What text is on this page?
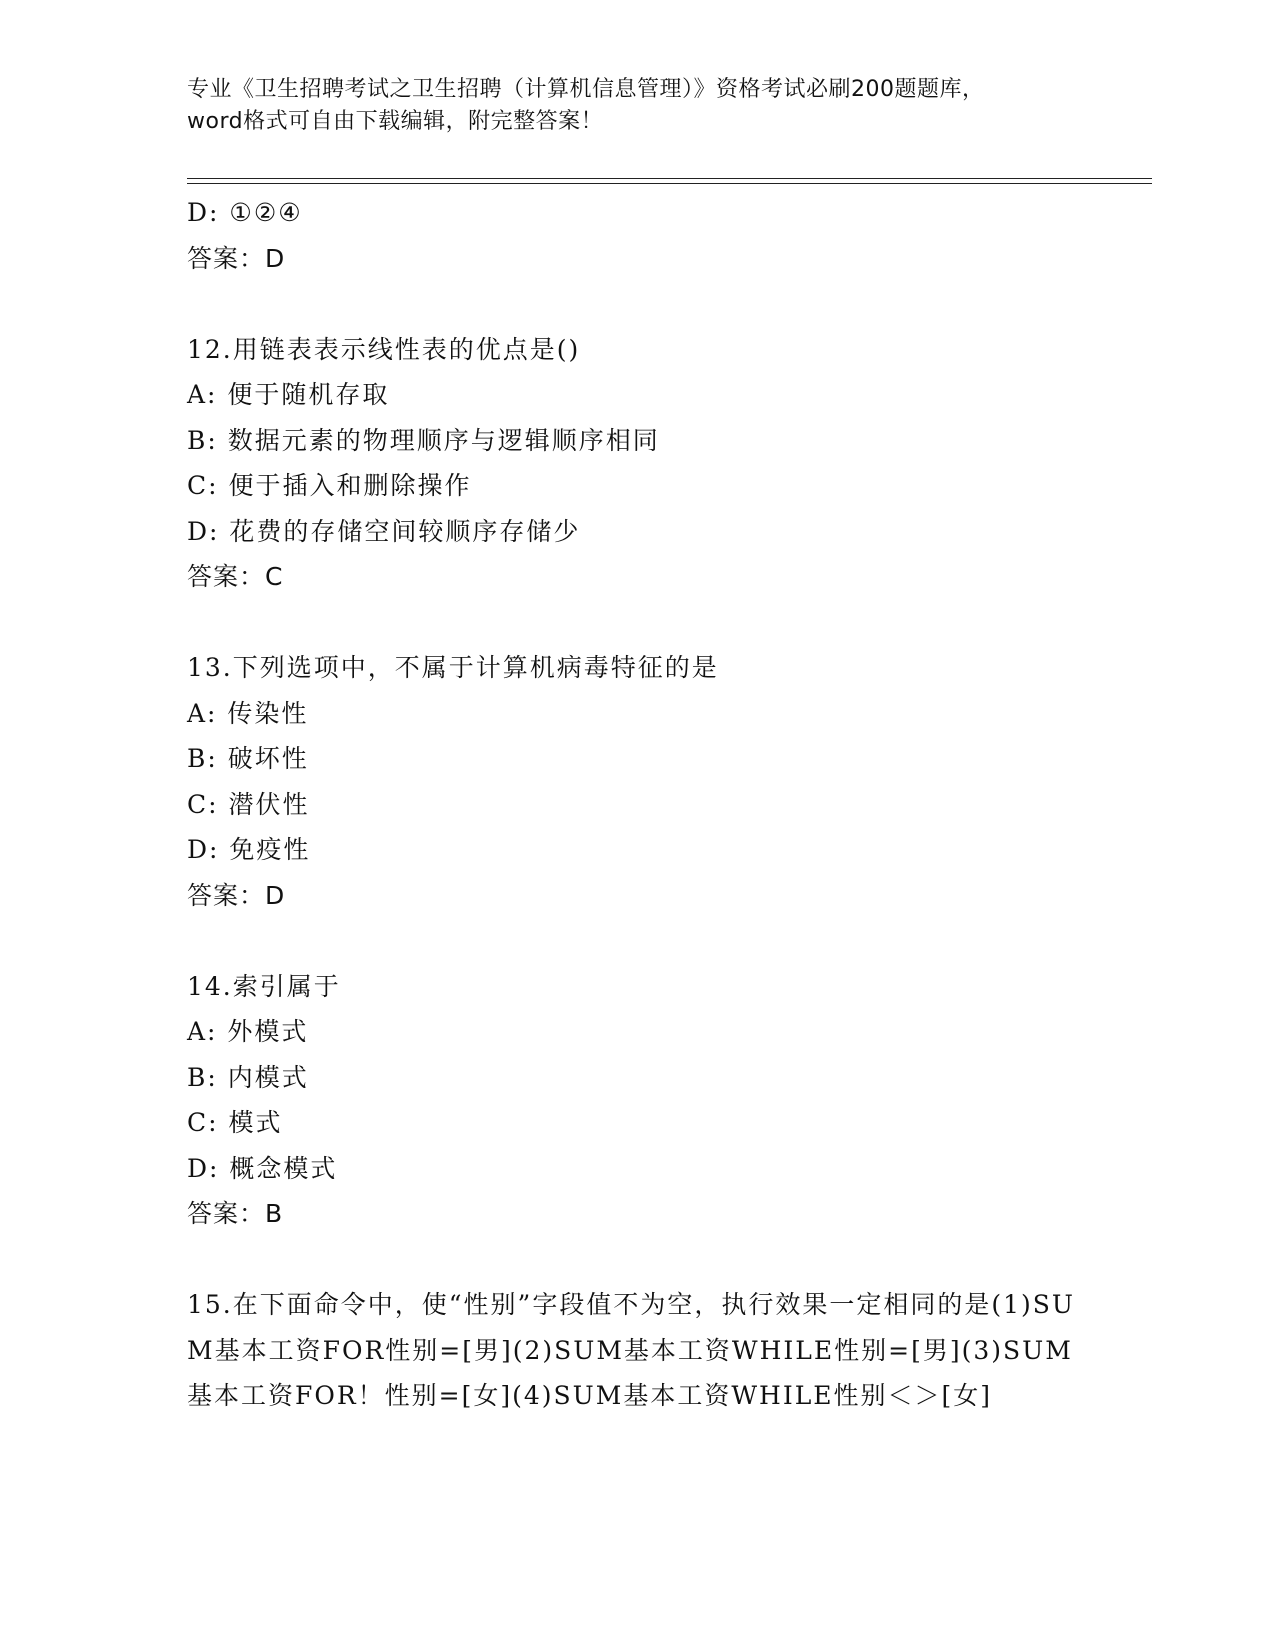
专业《卫生招聘考试之卫生招聘（计算机信息管理）》资格考试必刷200题题库，
word格式可自由下载编辑，附完整答案！
D: ①②④
答案：D
12.用链表表示线性表的优点是()
A: 便于随机存取
B: 数据元素的物理顺序与逻辑顺序相同
C: 便于插入和删除操作
D: 花费的存储空间较顺序存储少
答案：C
13.下列选项中，不属于计算机病毒特征的是
A: 传染性
B: 破坏性
C: 潜伏性
D: 免疫性
答案：D
14.索引属于
A: 外模式
B: 内模式
C: 模式
D: 概念模式
答案：B
15.在下面命令中，使“性别”字段值不为空，执行效果一定相同的是(1)SUM基本工资FOR性别=[男](2)SUM基本工资WHILE性别=[男](3)SUM基本工资FOR！性别=[女](4)SUM基本工资WHILE性别＜＞[女]
